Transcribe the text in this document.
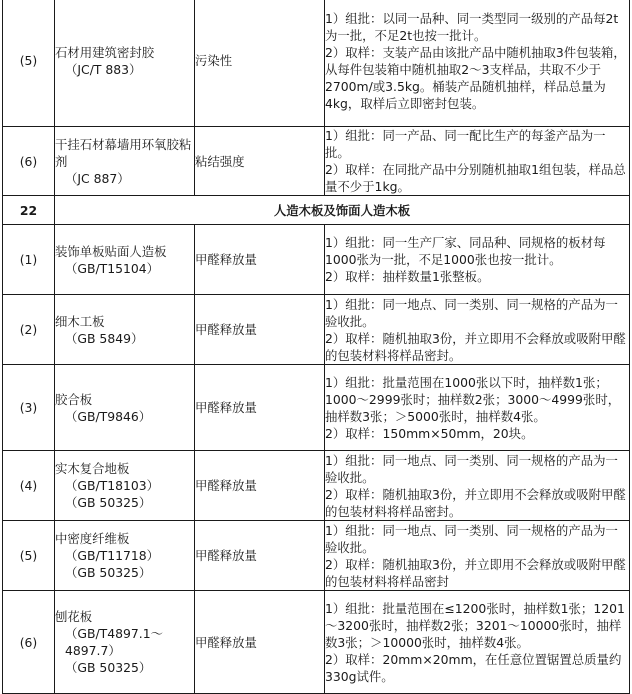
(5)	石材用建筑密封胶
（JC/T 883）	污染性	1）组批：以同一品种、同一类型同一级别的产品每2t为一批，不足2t也按一批计。
2）取样：支装产品由该批产品中随机抽取3件包装箱，从每件包装箱中随机抽取2～3支样品，共取不少于2700m/或3.5kg。桶装产品随机抽样，样品总量为4kg，取样后立即密封包装。

(6)	干挂石材幕墙用环氧胶粘剂
（JC 887）	粘结强度	1）组批：同一产品、同一配比生产的每釜产品为一批。
2）取样：在同批产品中分别随机抽取1组包装，样品总量不少于1kg。

22	人造木板及饰面人造木板		
(1)	装饰单板贴面人造板
（GB/T15104）	甲醛释放量	1）组批：同一生产厂家、同品种、同规格的板材每1000张为一批，不足1000张也按一批计。
2）取样：抽样数量1张整板。

(2)	细木工板
（GB 5849）	甲醛释放量	1）组批：同一地点、同一类别、同一规格的产品为一验收批。
2）取样：随机抽取3份，并立即用不会释放或吸附甲醛的包装材料将样品密封。

(3)	胶合板
（GB/T9846）	甲醛释放量	1）组批：批量范围在1000张以下时，抽样数1张；1000～2999张时；抽样数2张；3000～4999张时，抽样数3张；＞5000张时，抽样数4张。
2）取样：150mm×50mm，20块。

(4)	实木复合地板
（GB/T18103）
（GB 50325）	甲醛释放量	1）组批：同一地点、同一类别、同一规格的产品为一验收批。
2）取样：随机抽取3份，并立即用不会释放或吸附甲醛的包装材料将样品密封。

(5)	中密度纤维板
（GB/T11718）
（GB 50325）	甲醛释放量	1）组批：同一地点、同一类别、同一规格的产品为一验收批。
2）取样：随机抽取3份，并立即用不会释放或吸附甲醛的包装材料将样品密封

(6)	刨花板
（GB/T4897.1～4897.7）
（GB 50325）	甲醛释放量	1）组批：批量范围在≤1200张时，抽样数1张；1201～3200张时，抽样数2张；3201～10000张时，抽样数3张；＞10000张时，抽样数4张。
2）取样：20mm×20mm，在任意位置锯置总质量约330g试件。
